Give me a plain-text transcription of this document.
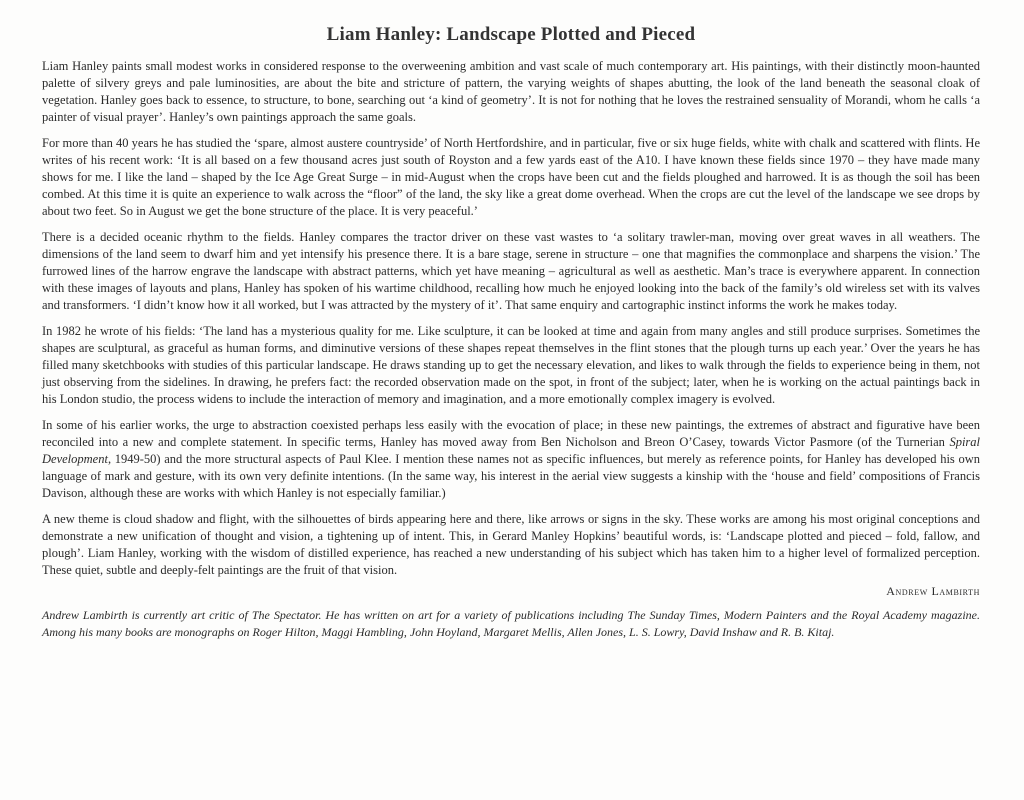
Liam Hanley: Landscape Plotted and Pieced

Liam Hanley paints small modest works in considered response to the overweening ambition and vast scale of much contemporary art. His paintings, with their distinctly moon-haunted palette of silvery greys and pale luminosities, are about the bite and stricture of pattern, the varying weights of shapes abutting, the look of the land beneath the seasonal cloak of vegetation. Hanley goes back to essence, to structure, to bone, searching out ‘a kind of geometry’. It is not for nothing that he loves the restrained sensuality of Morandi, whom he calls ‘a painter of visual prayer’. Hanley’s own paintings approach the same goals.

For more than 40 years he has studied the ‘spare, almost austere countryside’ of North Hertfordshire, and in particular, five or six huge fields, white with chalk and scattered with flints. He writes of his recent work: ‘It is all based on a few thousand acres just south of Royston and a few yards east of the A10. I have known these fields since 1970 – they have made many shows for me. I like the land – shaped by the Ice Age Great Surge – in mid-August when the crops have been cut and the fields ploughed and harrowed. It is as though the soil has been combed. At this time it is quite an experience to walk across the “floor” of the land, the sky like a great dome overhead. When the crops are cut the level of the landscape we see drops by about two feet. So in August we get the bone structure of the place. It is very peaceful.’

There is a decided oceanic rhythm to the fields. Hanley compares the tractor driver on these vast wastes to ‘a solitary trawler-man, moving over great waves in all weathers. The dimensions of the land seem to dwarf him and yet intensify his presence there. It is a bare stage, serene in structure – one that magnifies the commonplace and sharpens the vision.’ The furrowed lines of the harrow engrave the landscape with abstract patterns, which yet have meaning – agricultural as well as aesthetic. Man’s trace is everywhere apparent. In connection with these images of layouts and plans, Hanley has spoken of his wartime childhood, recalling how much he enjoyed looking into the back of the family’s old wireless set with its valves and transformers. ‘I didn’t know how it all worked, but I was attracted by the mystery of it’. That same enquiry and cartographic instinct informs the work he makes today.

In 1982 he wrote of his fields: ‘The land has a mysterious quality for me. Like sculpture, it can be looked at time and again from many angles and still produce surprises. Sometimes the shapes are sculptural, as graceful as human forms, and diminutive versions of these shapes repeat themselves in the flint stones that the plough turns up each year.’ Over the years he has filled many sketchbooks with studies of this particular landscape. He draws standing up to get the necessary elevation, and likes to walk through the fields to experience being in them, not just observing from the sidelines. In drawing, he prefers fact: the recorded observation made on the spot, in front of the subject; later, when he is working on the actual paintings back in his London studio, the process widens to include the interaction of memory and imagination, and a more emotionally complex imagery is evolved.

In some of his earlier works, the urge to abstraction coexisted perhaps less easily with the evocation of place; in these new paintings, the extremes of abstract and figurative have been reconciled into a new and complete statement. In specific terms, Hanley has moved away from Ben Nicholson and Breon O’Casey, towards Victor Pasmore (of the Turnerian Spiral Development, 1949-50) and the more structural aspects of Paul Klee. I mention these names not as specific influences, but merely as reference points, for Hanley has developed his own language of mark and gesture, with its own very definite intentions. (In the same way, his interest in the aerial view suggests a kinship with the ‘house and field’ compositions of Francis Davison, although these are works with which Hanley is not especially familiar.)

A new theme is cloud shadow and flight, with the silhouettes of birds appearing here and there, like arrows or signs in the sky. These works are among his most original conceptions and demonstrate a new unification of thought and vision, a tightening up of intent. This, in Gerard Manley Hopkins’ beautiful words, is: ‘Landscape plotted and pieced – fold, fallow, and plough’. Liam Hanley, working with the wisdom of distilled experience, has reached a new understanding of his subject which has taken him to a higher level of formalized perception. These quiet, subtle and deeply-felt paintings are the fruit of that vision.

Andrew Lambirth

Andrew Lambirth is currently art critic of The Spectator. He has written on art for a variety of publications including The Sunday Times, Modern Painters and the Royal Academy magazine. Among his many books are monographs on Roger Hilton, Maggi Hambling, John Hoyland, Margaret Mellis, Allen Jones, L. S. Lowry, David Inshaw and R. B. Kitaj.
